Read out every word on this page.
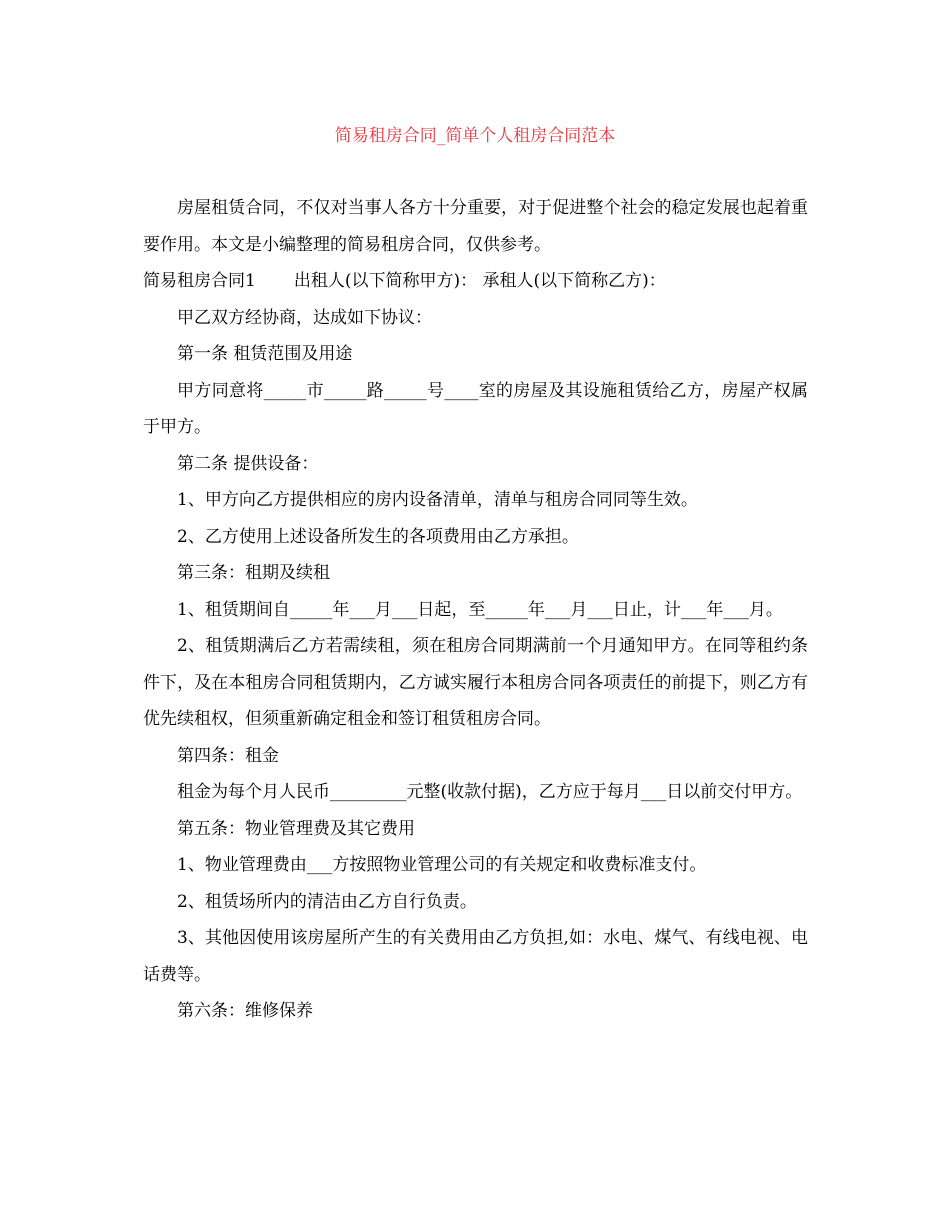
简易租房合同_简单个人租房合同范本

房屋租赁合同，不仅对当事人各方十分重要，对于促进整个社会的稳定发展也起着重要作用。本文是小编整理的简易租房合同，仅供参考。

简易租房合同1 出租人(以下简称甲方)： 承租人(以下简称乙方)：

甲乙双方经协商，达成如下协议：

第一条 租赁范围及用途

甲方同意将_____市_____路_____号____室的房屋及其设施租赁给乙方，房屋产权属于甲方。

第二条 提供设备：

1、甲方向乙方提供相应的房内设备清单，清单与租房合同同等生效。

2、乙方使用上述设备所发生的各项费用由乙方承担。

第三条：租期及续租

1、租赁期间自_____年___月___日起，至_____年___月___日止，计___年___月。

2、租赁期满后乙方若需续租，须在租房合同期满前一个月通知甲方。在同等租约条件下，及在本租房合同租赁期内，乙方诚实履行本租房合同各项责任的前提下，则乙方有优先续租权，但须重新确定租金和签订租赁租房合同。

第四条：租金

租金为每个月人民币_________元整(收款付据)，乙方应于每月___日以前交付甲方。

第五条：物业管理费及其它费用

1、物业管理费由___方按照物业管理公司的有关规定和收费标准支付。

2、租赁场所内的清洁由乙方自行负责。

3、其他因使用该房屋所产生的有关费用由乙方负担,如：水电、煤气、有线电视、电话费等。

第六条：维修保养
